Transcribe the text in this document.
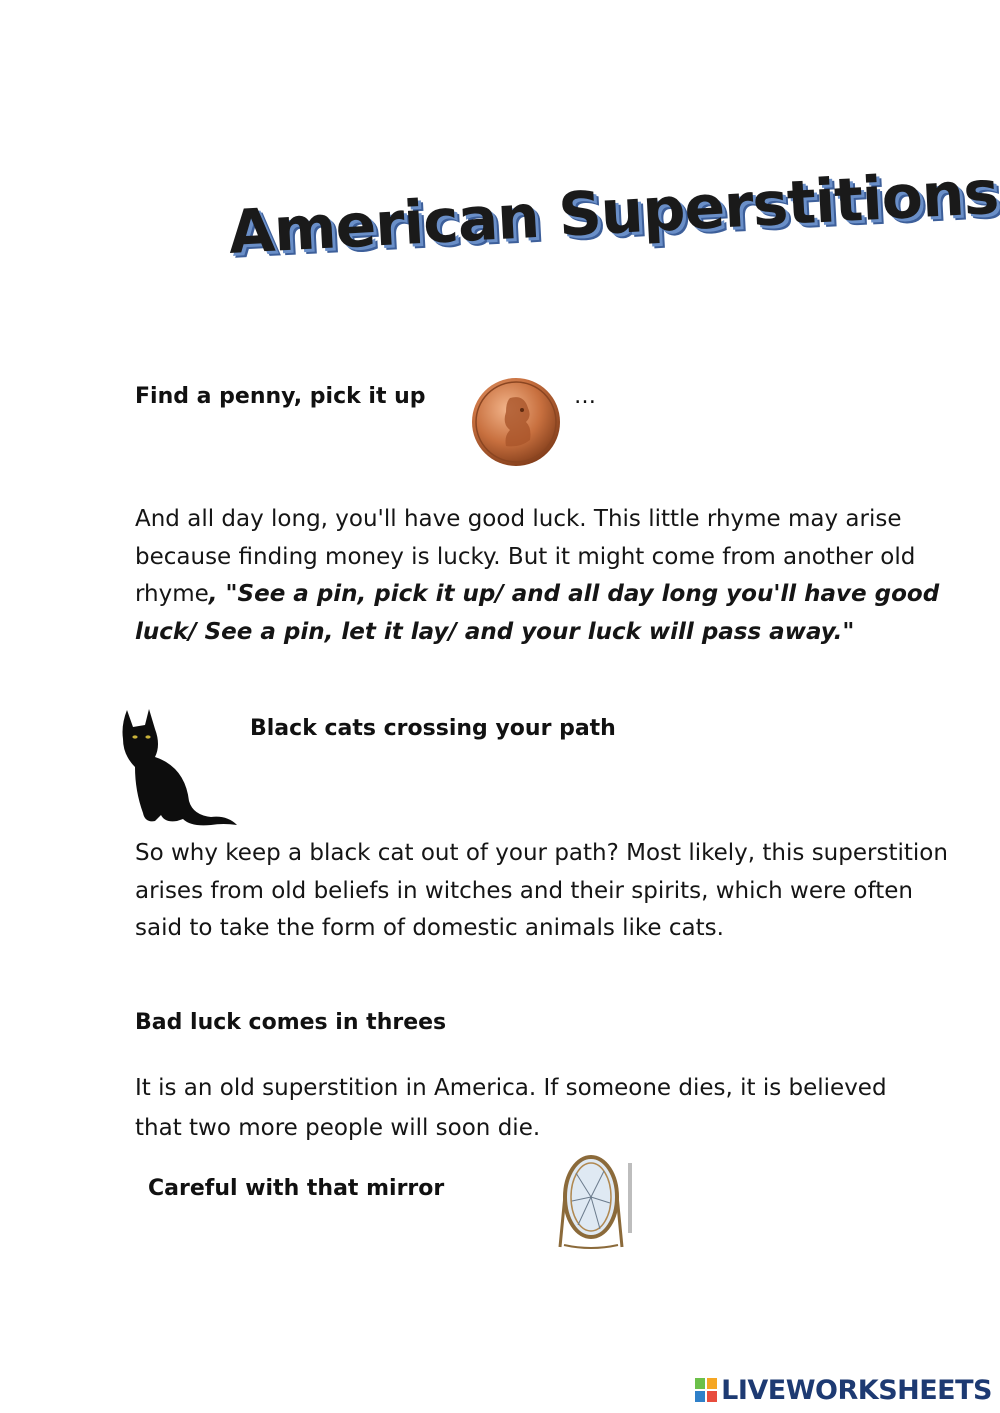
American Superstitions
Find a penny, pick it up	…
And all day long, you'll have good luck. This little rhyme may arise because finding money is lucky. But it might come from another old rhyme, "See a pin, pick it up/ and all day long you'll have good luck/ See a pin, let it lay/ and your luck will pass away."
Black cats crossing your path
So why keep a black cat out of your path? Most likely, this superstition arises from old beliefs in witches and their spirits, which were often said to take the form of domestic animals like cats.
Bad luck comes in threes
It is an old superstition in America. If someone dies, it is believed that two more people will soon die.
Careful with that mirror
LIVEWORKSHEETS
